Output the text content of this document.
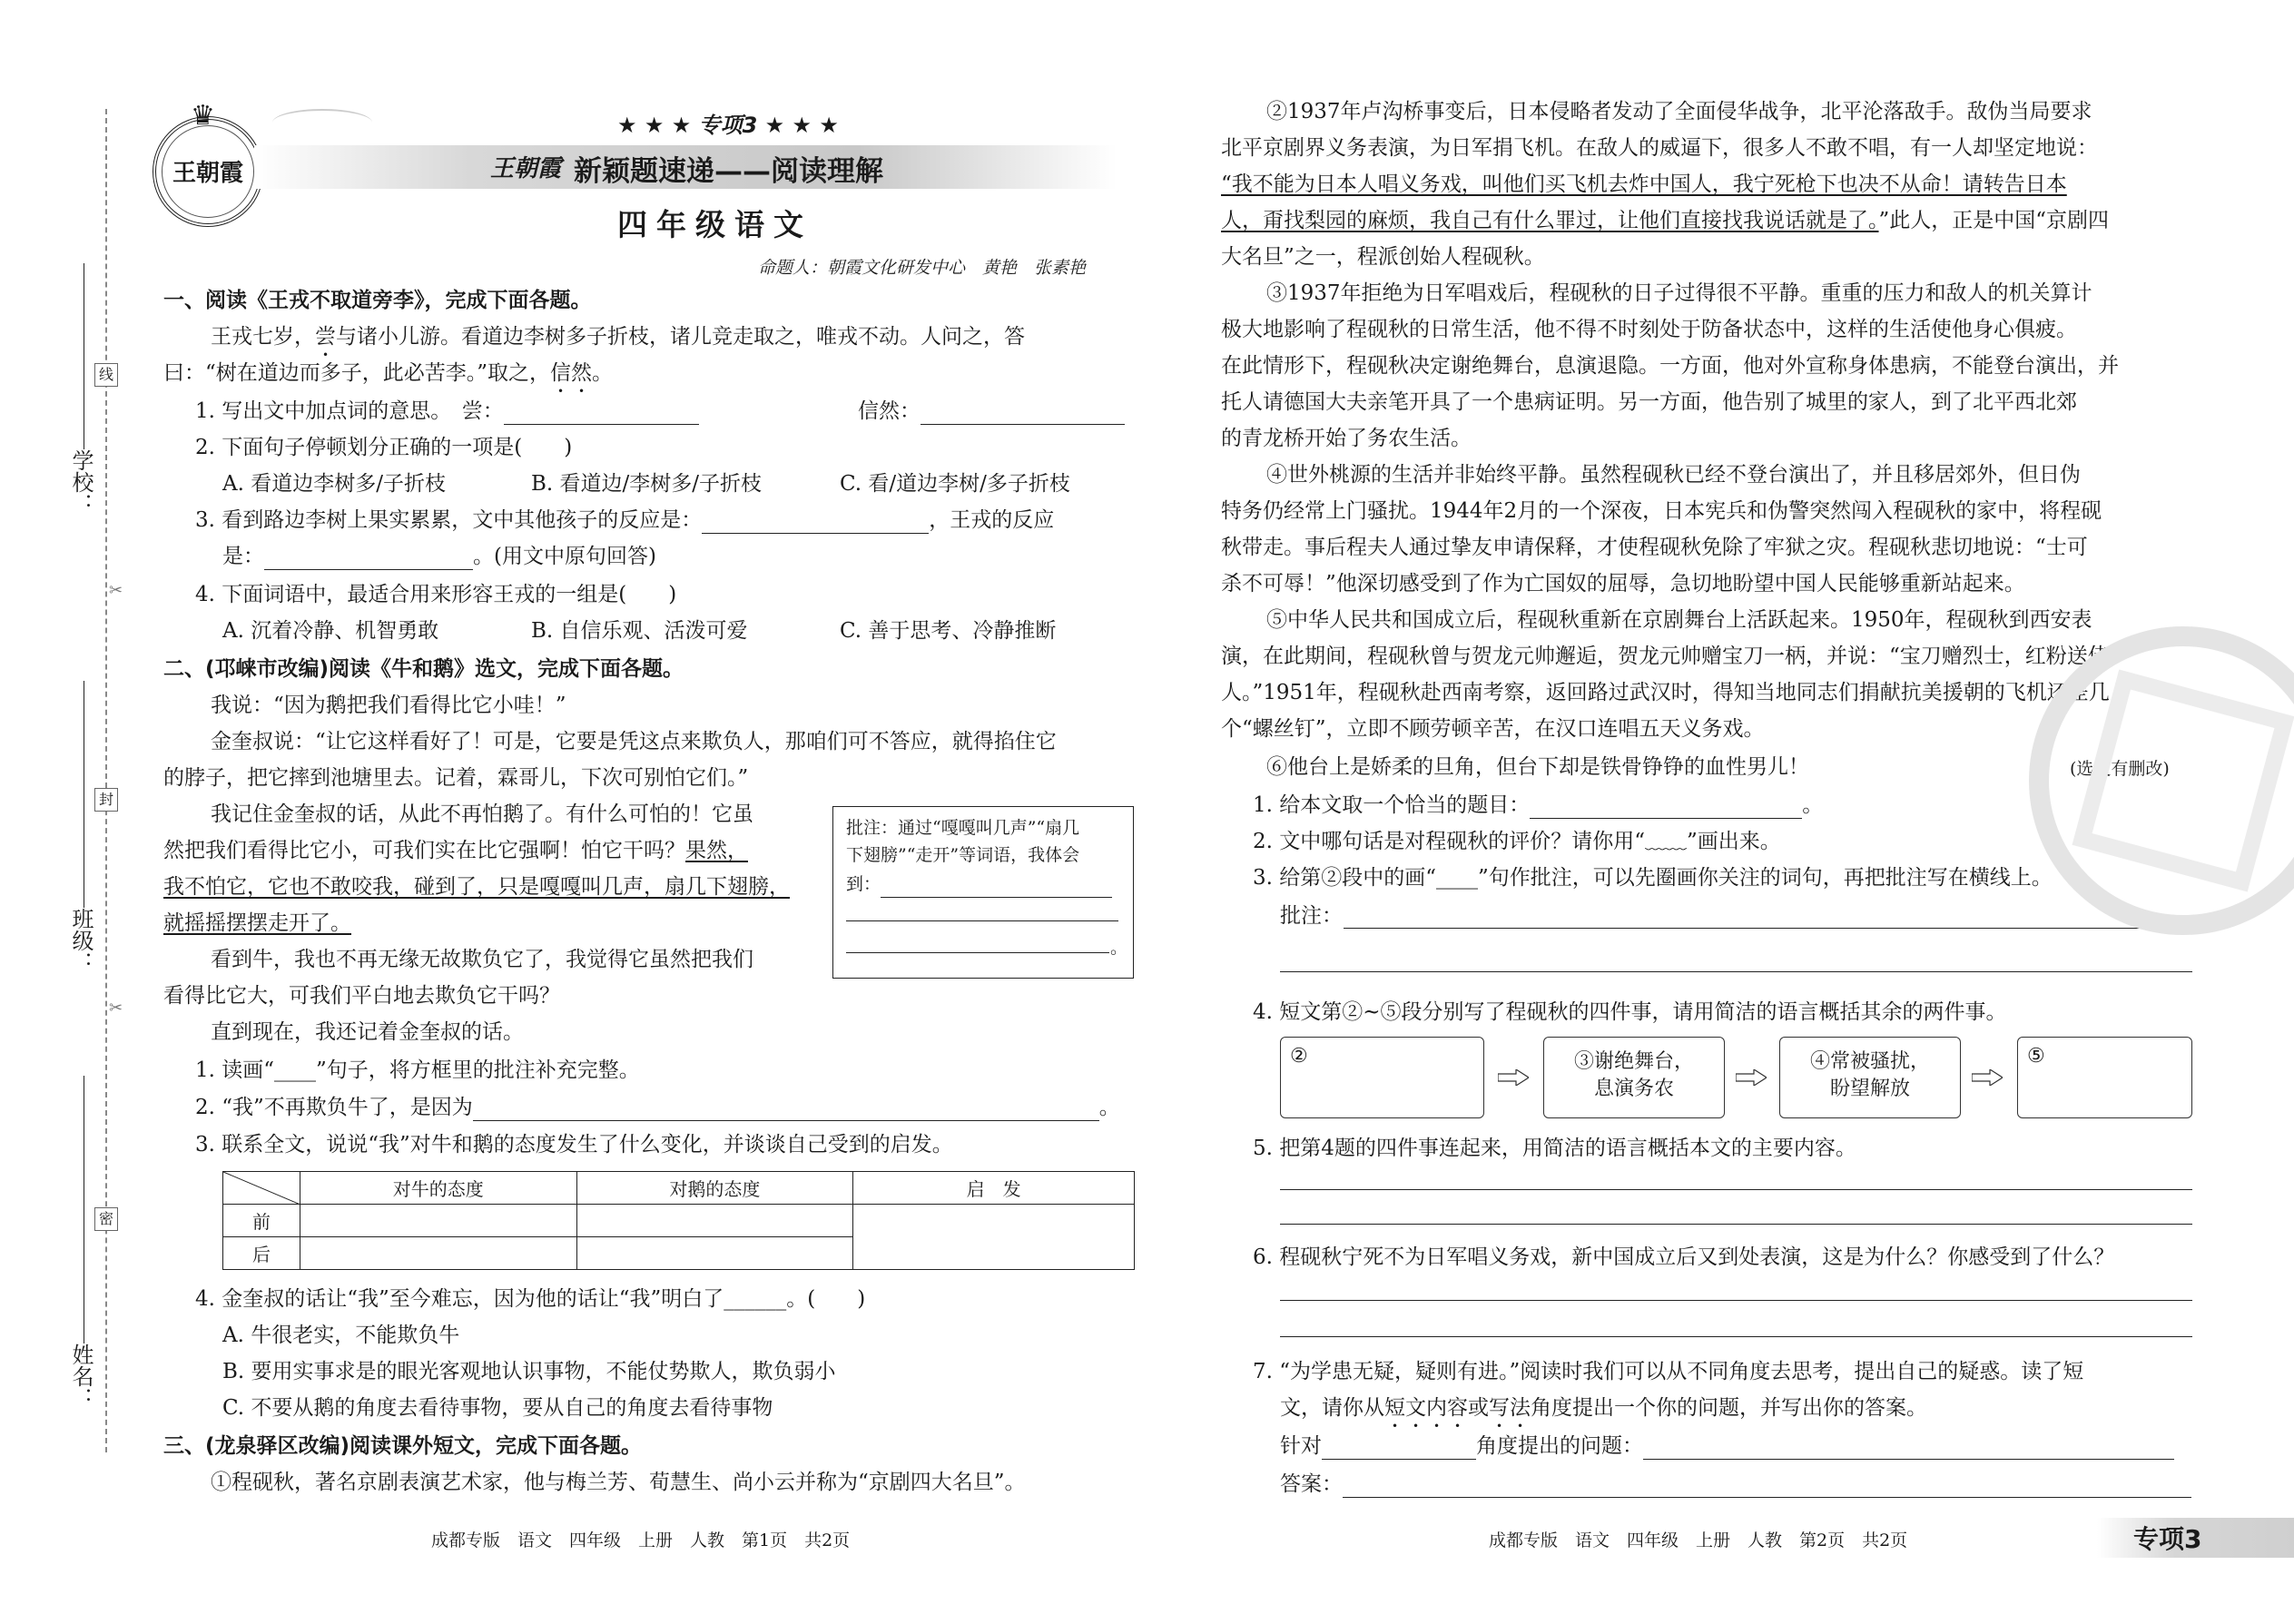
学校：
班级：
姓名：
线
封
密
✂
✂
王朝霞
♛	★ ★ ★ 专项3 ★ ★ ★
王朝霞 新颖题速递——阅读理解
四年级语文
命题人：朝霞文化研发中心　黄艳　张素艳
一、阅读《王戎不取道旁李》，完成下面各题。
王戎七岁，尝与诸小儿游。看道边李树多子折枝，诸儿竞走取之，唯戎不动。人问之，答
曰：“树在道边而多子，此必苦李。”取之，信然。
1. 写出文中加点词的意思。　尝：	信然：
2. 下面句子停顿划分正确的一项是(　　)
A. 看道边李树多/子折枝	B. 看道边/李树多/子折枝	C. 看/道边李树/多子折枝
3. 看到路边李树上果实累累，文中其他孩子的反应是：	，王戎的反应
是：	。(用文中原句回答)
4. 下面词语中，最适合用来形容王戎的一组是(　　)
A. 沉着冷静、机智勇敢	B. 自信乐观、活泼可爱	C. 善于思考、冷静推断
二、(邛崃市改编)阅读《牛和鹅》选文，完成下面各题。
我说：“因为鹅把我们看得比它小哇！”
金奎叔说：“让它这样看好了！可是，它要是凭这点来欺负人，那咱们可不答应，就得掐住它
的脖子，把它摔到池塘里去。记着，霖哥儿，下次可别怕它们。”
我记住金奎叔的话，从此不再怕鹅了。有什么可怕的！它虽
然把我们看得比它小，可我们实在比它强啊！怕它干吗？果然，
我不怕它，它也不敢咬我，碰到了，只是嘎嘎叫几声，扇几下翅膀，
就摇摇摆摆走开了。
看到牛，我也不再无缘无故欺负它了，我觉得它虽然把我们
看得比它大，可我们平白地去欺负它干吗？
直到现在，我还记着金奎叔的话。
批注：通过“嘎嘎叫几声”“扇几
下翅膀”“走开”等词语，我体会
到：
。
1. 读画“____”句子，将方框里的批注补充完整。
2. “我”不再欺负牛了，是因为	。
3. 联系全文，说说“我”对牛和鹅的态度发生了什么变化，并谈谈自己受到的启发。
	对牛的态度	对鹅的态度	启　发
前			
后			
4. 金奎叔的话让“我”至今难忘，因为他的话让“我”明白了______。(　　)
A. 牛很老实，不能欺负牛
B. 要用实事求是的眼光客观地认识事物，不能仗势欺人，欺负弱小
C. 不要从鹅的角度去看待事物，要从自己的角度去看待事物
三、(龙泉驿区改编)阅读课外短文，完成下面各题。
①程砚秋，著名京剧表演艺术家，他与梅兰芳、荀慧生、尚小云并称为“京剧四大名旦”。
成都专版　语文　四年级　上册　人教　第1页　共2页
②1937年卢沟桥事变后，日本侵略者发动了全面侵华战争，北平沦落敌手。敌伪当局要求
北平京剧界义务表演，为日军捐飞机。在敌人的威逼下，很多人不敢不唱，有一人却坚定地说：
“我不能为日本人唱义务戏，叫他们买飞机去炸中国人，我宁死枪下也决不从命！请转告日本
人，甭找梨园的麻烦，我自己有什么罪过，让他们直接找我说话就是了。”此人，正是中国“京剧四
大名旦”之一，程派创始人程砚秋。
③1937年拒绝为日军唱戏后，程砚秋的日子过得很不平静。重重的压力和敌人的机关算计
极大地影响了程砚秋的日常生活，他不得不时刻处于防备状态中，这样的生活使他身心俱疲。
在此情形下，程砚秋决定谢绝舞台，息演退隐。一方面，他对外宣称身体患病，不能登台演出，并
托人请德国大夫亲笔开具了一个患病证明。另一方面，他告别了城里的家人，到了北平西北郊
的青龙桥开始了务农生活。
④世外桃源的生活并非始终平静。虽然程砚秋已经不登台演出了，并且移居郊外，但日伪
特务仍经常上门骚扰。1944年2月的一个深夜，日本宪兵和伪警突然闯入程砚秋的家中，将程砚
秋带走。事后程夫人通过挚友申请保释，才使程砚秋免除了牢狱之灾。程砚秋悲切地说：“士可
杀不可辱！”他深切感受到了作为亡国奴的屈辱，急切地盼望中国人民能够重新站起来。
⑤中华人民共和国成立后，程砚秋重新在京剧舞台上活跃起来。1950年，程砚秋到西安表
演，在此期间，程砚秋曾与贺龙元帅邂逅，贺龙元帅赠宝刀一柄，并说：“宝刀赠烈士，红粉送佳
人。”1951年，程砚秋赴西南考察，返回路过武汉时，得知当地同志们捐献抗美援朝的飞机还差几
个“螺丝钉”，立即不顾劳顿辛苦，在汉口连唱五天义务戏。
⑥他台上是娇柔的旦角，但台下却是铁骨铮铮的血性男儿！	(选文有删改)
1. 给本文取一个恰当的题目：	。
2. 文中哪句话是对程砚秋的评价？请你用“﹏﹏”画出来。
3. 给第②段中的画“____”句作批注，可以先圈画你关注的词句，再把批注写在横线上。
批注：
4. 短文第②~⑤段分别写了程砚秋的四件事，请用简洁的语言概括其余的两件事。
②	③谢绝舞台，
息演务农
④常被骚扰，
盼望解放
⑤
5. 把第4题的四件事连起来，用简洁的语言概括本文的主要内容。
6. 程砚秋宁死不为日军唱义务戏，新中国成立后又到处表演，这是为什么？你感受到了什么？
7. “为学患无疑，疑则有进。”阅读时我们可以从不同角度去思考，提出自己的疑惑。读了短
文，请你从短文内容或写法角度提出一个你的问题，并写出你的答案。
针对	角度提出的问题：
答案：
成都专版　语文　四年级　上册　人教　第2页　共2页	专项3
